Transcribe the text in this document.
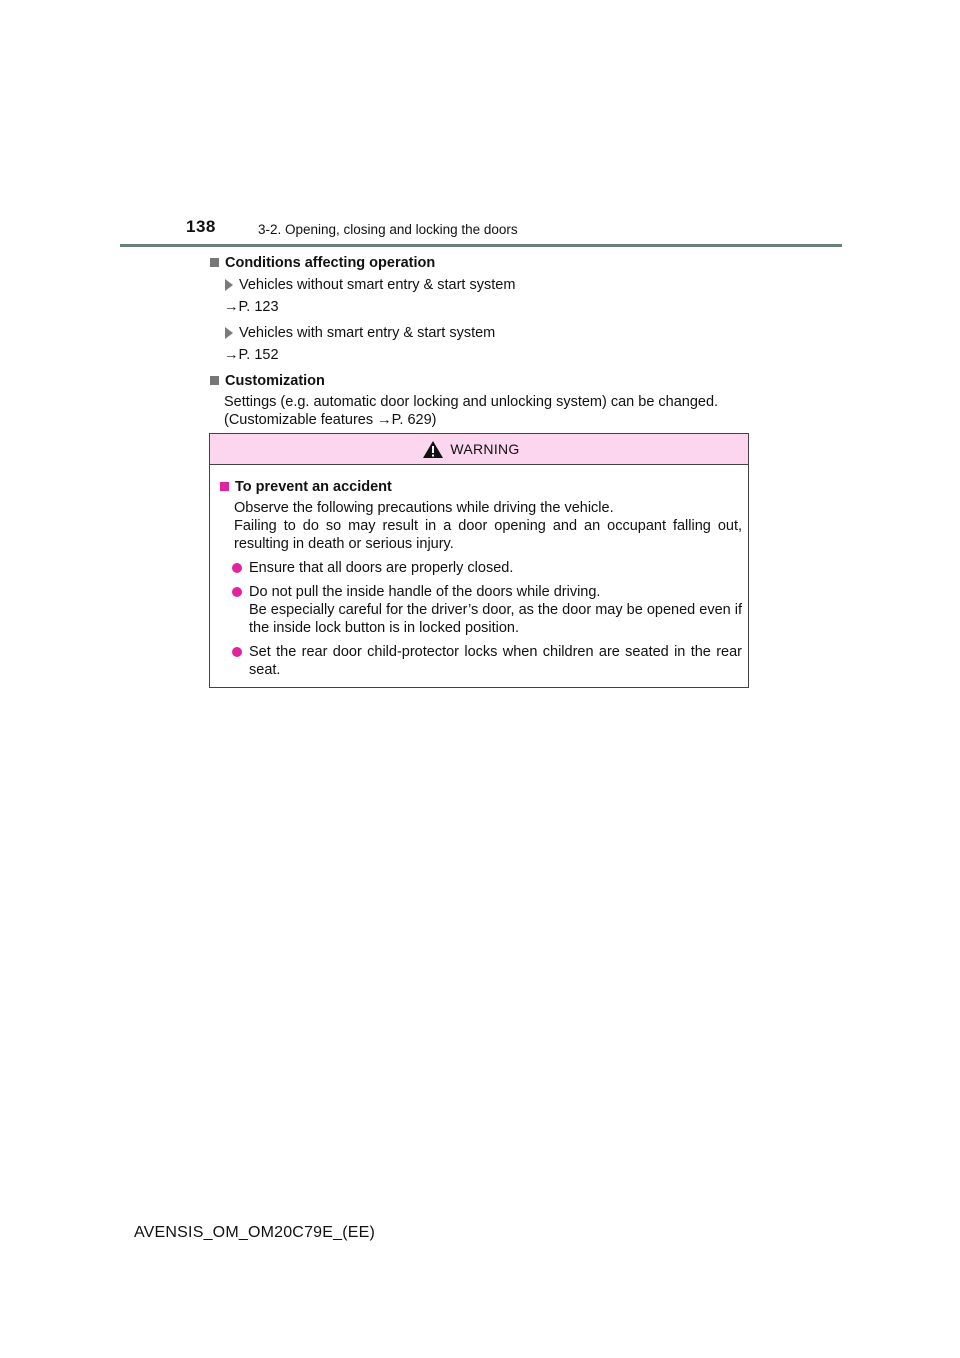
138	3-2. Opening, closing and locking the doors
Conditions affecting operation
Vehicles without smart entry & start system
→P. 123
Vehicles with smart entry & start system
→P. 152
Customization
Settings (e.g. automatic door locking and unlocking system) can be changed.
(Customizable features →P. 629)
WARNING
To prevent an accident
Observe the following precautions while driving the vehicle.
Failing to do so may result in a door opening and an occupant falling out, resulting in death or serious injury.
Ensure that all doors are properly closed.
Do not pull the inside handle of the doors while driving.
Be especially careful for the driver’s door, as the door may be opened even if the inside lock button is in locked position.
Set the rear door child-protector locks when children are seated in the rear seat.
AVENSIS_OM_OM20C79E_(EE)
